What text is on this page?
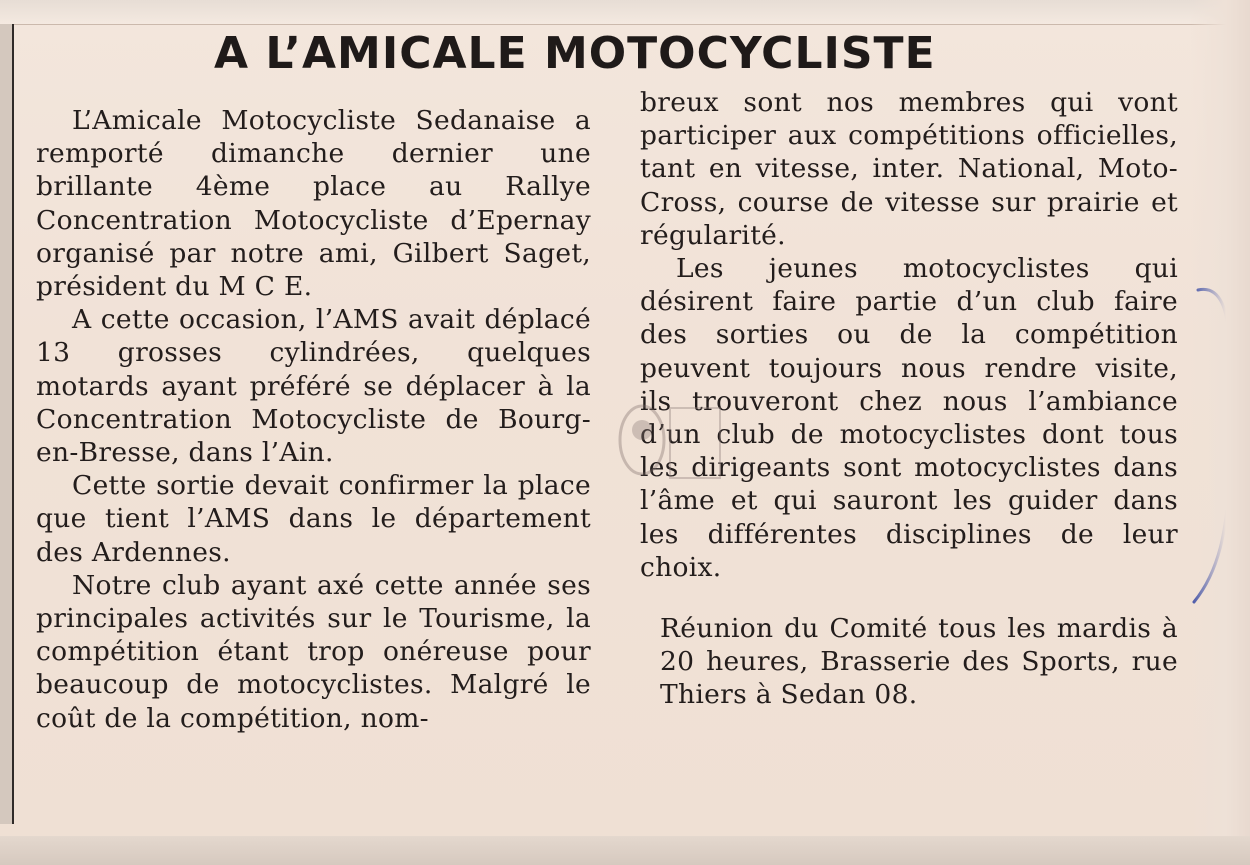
A L’AMICALE MOTOCYCLISTE

L’Amicale Motocycliste Sedanaise a remporté dimanche dernier une brillante 4ème place au Rallye Concentration Motocycliste d’Epernay organisé par notre ami, Gilbert Saget, président du M C E.

A cette occasion, l’AMS avait déplacé 13 grosses cylindrées, quelques motards ayant préféré se déplacer à la Concentration Motocycliste de Bourg-en-Bresse, dans l’Ain.

Cette sortie devait confirmer la place que tient l’AMS dans le département des Ardennes.

Notre club ayant axé cette année ses principales activités sur le Tourisme, la compétition étant trop onéreuse pour beaucoup de motocyclistes. Malgré le coût de la compétition, nom-

breux sont nos membres qui vont participer aux compétitions officielles, tant en vitesse, inter. National, Moto-Cross, course de vitesse sur prairie et régularité.

Les jeunes motocyclistes qui désirent faire partie d’un club faire des sorties ou de la compétition peuvent toujours nous rendre visite, ils trouveront chez nous l’ambiance d’un club de motocyclistes dont tous les dirigeants sont motocyclistes dans l’âme et qui sauront les guider dans les différentes disciplines de leur choix.

Réunion du Comité tous les mardis à 20 heures, Brasserie des Sports, rue Thiers à Sedan 08.
